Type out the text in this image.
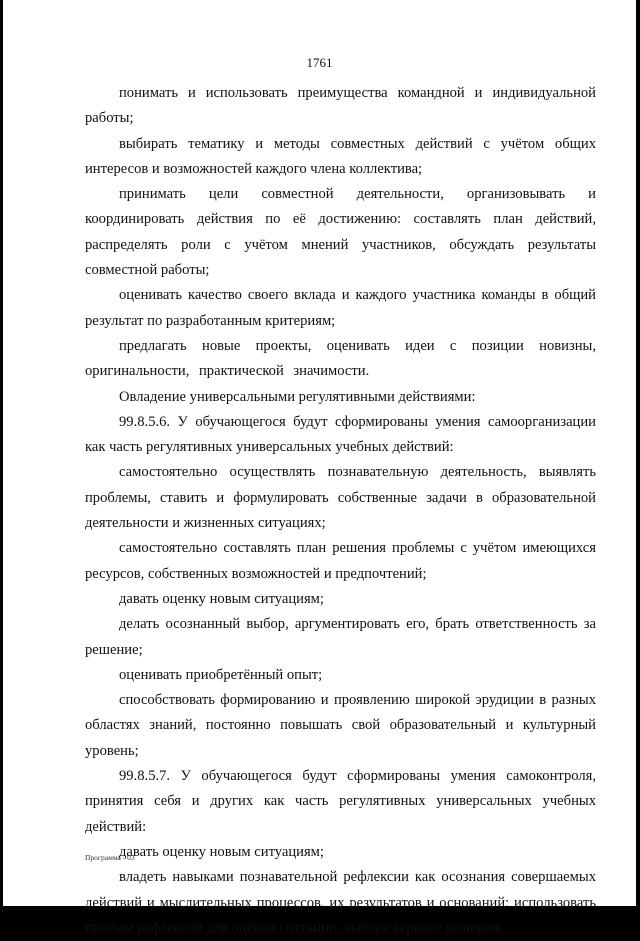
1761

понимать и использовать преимущества командной и индивидуальной работы;

выбирать тематику и методы совместных действий с учётом общих интересов и возможностей каждого члена коллектива;

принимать цели совместной деятельности, организовывать и координировать действия по её достижению: составлять план действий, распределять роли с учётом мнений участников, обсуждать результаты совместной работы;

оценивать качество своего вклада и каждого участника команды в общий результат по разработанным критериям;

предлагать новые проекты, оценивать идеи с позиции новизны, оригинальности, практической значимости.

Овладение универсальными регулятивными действиями:

99.8.5.6. У обучающегося будут сформированы умения самоорганизации как часть регулятивных универсальных учебных действий:

самостоятельно осуществлять познавательную деятельность, выявлять проблемы, ставить и формулировать собственные задачи в образовательной деятельности и жизненных ситуациях;

самостоятельно составлять план решения проблемы с учётом имеющихся ресурсов, собственных возможностей и предпочтений;

давать оценку новым ситуациям;

делать осознанный выбор, аргументировать его, брать ответственность за решение;

оценивать приобретённый опыт;

способствовать формированию и проявлению широкой эрудиции в разных областях знаний, постоянно повышать свой образовательный и культурный уровень;

99.8.5.7. У обучающегося будут сформированы умения самоконтроля, принятия себя и других как часть регулятивных универсальных учебных действий:

давать оценку новым ситуациям;

владеть навыками познавательной рефлексии как осознания совершаемых действий и мыслительных процессов, их результатов и оснований; использовать приёмы рефлексии для оценки ситуации, выбора верного решения;

Программа - 03
